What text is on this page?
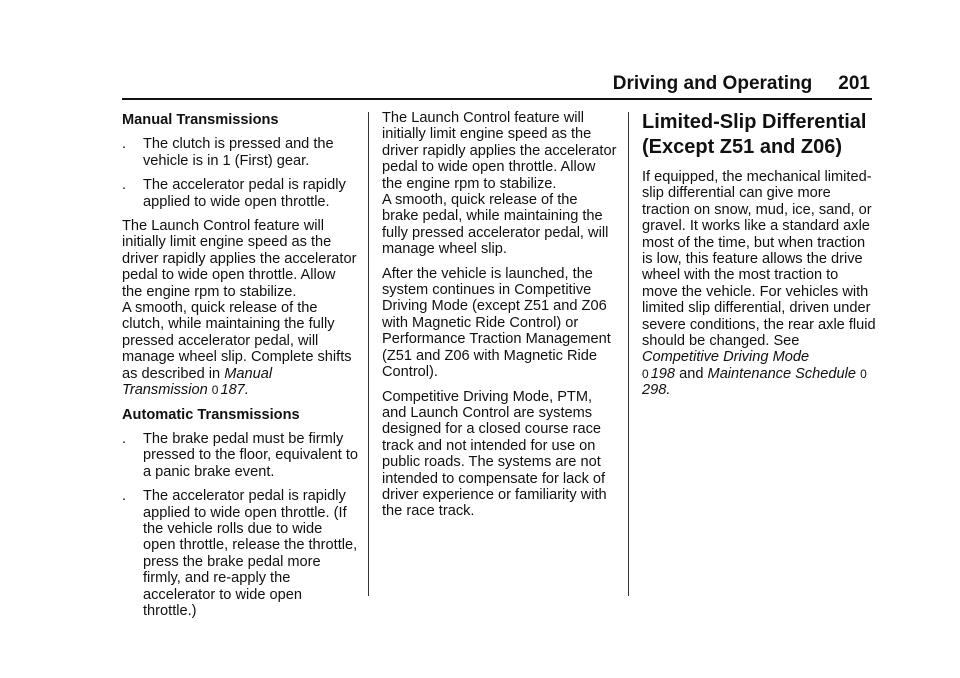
Driving and Operating 201
Manual Transmissions
. The clutch is pressed and the vehicle is in 1 (First) gear.
. The accelerator pedal is rapidly applied to wide open throttle.

The Launch Control feature will initially limit engine speed as the driver rapidly applies the accelerator pedal to wide open throttle. Allow the engine rpm to stabilize.
A smooth, quick release of the clutch, while maintaining the fully pressed accelerator pedal, will manage wheel slip. Complete shifts as described in Manual Transmission 0 187.

Automatic Transmissions
. The brake pedal must be firmly pressed to the floor, equivalent to a panic brake event.
. The accelerator pedal is rapidly applied to wide open throttle. (If the vehicle rolls due to wide open throttle, release the throttle, press the brake pedal more firmly, and re-apply the accelerator to wide open throttle.)

The Launch Control feature will initially limit engine speed as the driver rapidly applies the accelerator pedal to wide open throttle. Allow the engine rpm to stabilize.
A smooth, quick release of the brake pedal, while maintaining the fully pressed accelerator pedal, will manage wheel slip.

After the vehicle is launched, the system continues in Competitive Driving Mode (except Z51 and Z06 with Magnetic Ride Control) or Performance Traction Management (Z51 and Z06 with Magnetic Ride Control).

Competitive Driving Mode, PTM, and Launch Control are systems designed for a closed course race track and not intended for use on public roads. The systems are not intended to compensate for lack of driver experience or familiarity with the race track.

Limited-Slip Differential (Except Z51 and Z06)

If equipped, the mechanical limited-slip differential can give more traction on snow, mud, ice, sand, or gravel. It works like a standard axle most of the time, but when traction is low, this feature allows the drive wheel with the most traction to move the vehicle. For vehicles with limited slip differential, driven under severe conditions, the rear axle fluid should be changed. See Competitive Driving Mode
0 198 and Maintenance Schedule 0298.
